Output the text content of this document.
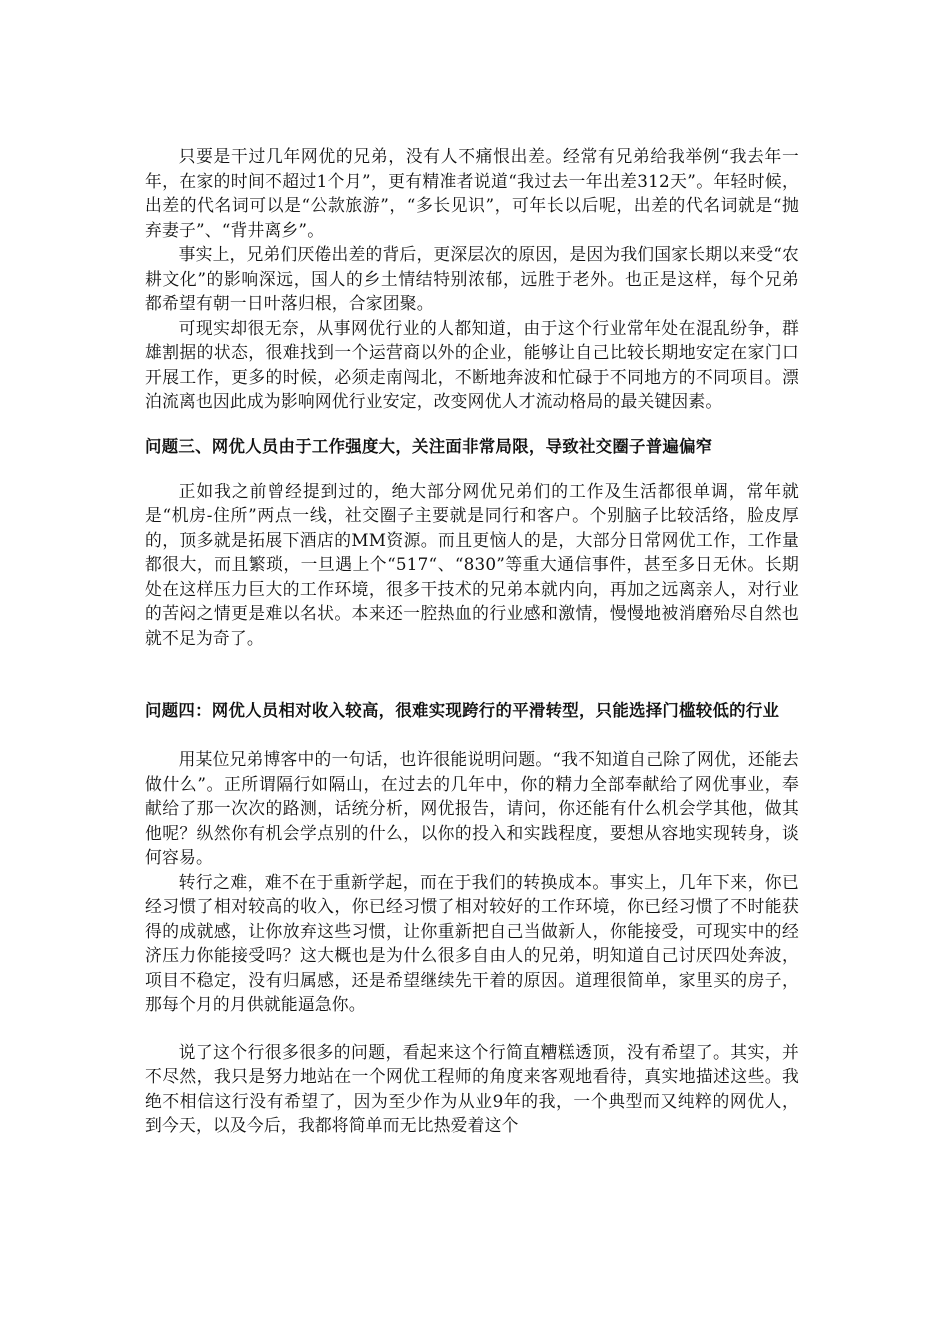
只要是干过几年网优的兄弟，没有人不痛恨出差。经常有兄弟给我举例“我去年一年，在家的时间不超过1个月”，更有精准者说道“我过去一年出差312天”。年轻时候，出差的代名词可以是“公款旅游”，“多长见识”，可年长以后呢，出差的代名词就是“抛弃妻子”、“背井离乡”。

事实上，兄弟们厌倦出差的背后，更深层次的原因，是因为我们国家长期以来受“农耕文化”的影响深远，国人的乡土情结特别浓郁，远胜于老外。也正是这样，每个兄弟都希望有朝一日叶落归根，合家团聚。

可现实却很无奈，从事网优行业的人都知道，由于这个行业常年处在混乱纷争，群雄割据的状态，很难找到一个运营商以外的企业，能够让自己比较长期地安定在家门口开展工作，更多的时候，必须走南闯北，不断地奔波和忙碌于不同地方的不同项目。漂泊流离也因此成为影响网优行业安定，改变网优人才流动格局的最关键因素。

问题三、网优人员由于工作强度大，关注面非常局限，导致社交圈子普遍偏窄

正如我之前曾经提到过的，绝大部分网优兄弟们的工作及生活都很单调，常年就是“机房-住所”两点一线，社交圈子主要就是同行和客户。个别脑子比较活络，脸皮厚的，顶多就是拓展下酒店的MM资源。而且更恼人的是，大部分日常网优工作，工作量都很大，而且繁琐，一旦遇上个“517“、“830”等重大通信事件，甚至多日无休。长期处在这样压力巨大的工作环境，很多干技术的兄弟本就内向，再加之远离亲人，对行业的苦闷之情更是难以名状。本来还一腔热血的行业感和激情，慢慢地被消磨殆尽自然也就不足为奇了。

问题四：网优人员相对收入较高，很难实现跨行的平滑转型，只能选择门槛较低的行业

用某位兄弟博客中的一句话，也许很能说明问题。“我不知道自己除了网优，还能去做什么”。正所谓隔行如隔山，在过去的几年中，你的精力全部奉献给了网优事业，奉献给了那一次次的路测，话统分析，网优报告，请问，你还能有什么机会学其他，做其他呢？纵然你有机会学点别的什么，以你的投入和实践程度，要想从容地实现转身，谈何容易。

转行之难，难不在于重新学起，而在于我们的转换成本。事实上，几年下来，你已经习惯了相对较高的收入，你已经习惯了相对较好的工作环境，你已经习惯了不时能获得的成就感，让你放弃这些习惯，让你重新把自己当做新人，你能接受，可现实中的经济压力你能接受吗？这大概也是为什么很多自由人的兄弟，明知道自己讨厌四处奔波，项目不稳定，没有归属感，还是希望继续先干着的原因。道理很简单，家里买的房子，那每个月的月供就能逼急你。

说了这个行很多很多的问题，看起来这个行简直糟糕透顶，没有希望了。其实，并不尽然，我只是努力地站在一个网优工程师的角度来客观地看待，真实地描述这些。我绝不相信这行没有希望了，因为至少作为从业9年的我，一个典型而又纯粹的网优人，到今天，以及今后，我都将简单而无比热爱着这个
